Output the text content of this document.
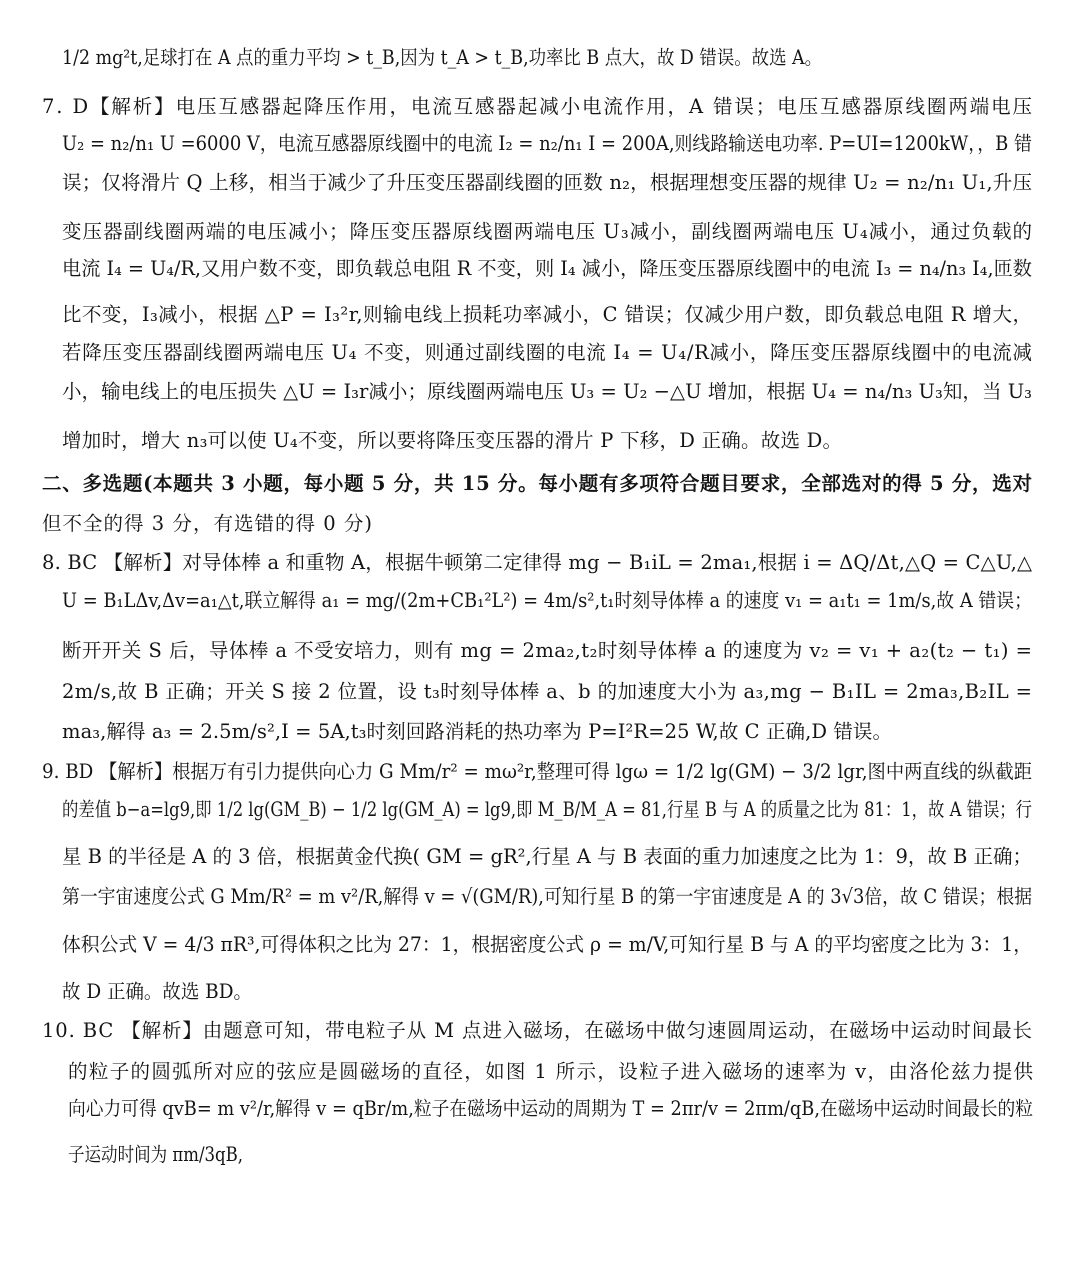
1/2 mg²t,足球打在 A 点的重力平均 > t_B,因为 t_A > t_B,功率比 B 点大，故 D 错误。故选 A。
7. D【解析】电压互感器起降压作用，电流互感器起减小电流作用，A 错误；电压互感器原线圈两端电压
U₂ = n₂/n₁ U =6000 V，电流互感器原线圈中的电流 I₂ = n₂/n₁ I = 200A,则线路输送电功率. P=UI=1200kW，，B 错
误；仅将滑片 Q 上移，相当于减少了升压变压器副线圈的匝数 n₂，根据理想变压器的规律 U₂ = n₂/n₁ U₁,升压
变压器副线圈两端的电压减小；降压变压器原线圈两端电压 U₃减小，副线圈两端电压 U₄减小，通过负载的
电流 I₄ = U₄/R,又用户数不变，即负载总电阻 R 不变，则 I₄ 减小，降压变压器原线圈中的电流 I₃ = n₄/n₃ I₄,匝数
比不变，I₃减小，根据 △P = I₃²r,则输电线上损耗功率减小，C 错误；仅减少用户数，即负载总电阻 R 增大，
若降压变压器副线圈两端电压 U₄ 不变，则通过副线圈的电流 I₄ = U₄/R减小，降压变压器原线圈中的电流减
小，输电线上的电压损失 △U = I₃r减小；原线圈两端电压 U₃ = U₂ −△U 增加，根据 U₄ = n₄/n₃ U₃知，当 U₃
增加时，增大 n₃可以使 U₄不变，所以要将降压变压器的滑片 P 下移，D 正确。故选 D。
二、多选题(本题共 3 小题，每小题 5 分，共 15 分。每小题有多项符合题目要求，全部选对的得 5 分，选对
但不全的得 3 分，有选错的得 0 分)
8. BC 【解析】对导体棒 a 和重物 A，根据牛顿第二定律得 mg − B₁iL = 2ma₁,根据 i = ΔQ/Δt,△Q = C△U,△
U = B₁LΔv,Δv=a₁△t,联立解得 a₁ = mg/(2m+CB₁²L²) = 4m/s²,t₁时刻导体棒 a 的速度 v₁ = a₁t₁ = 1m/s,故 A 错误；
断开开关 S 后，导体棒 a 不受安培力，则有 mg = 2ma₂,t₂时刻导体棒 a 的速度为 v₂ = v₁ + a₂(t₂ − t₁) =
2m/s,故 B 正确；开关 S 接 2 位置，设 t₃时刻导体棒 a、b 的加速度大小为 a₃,mg − B₁IL = 2ma₃,B₂IL =
ma₃,解得 a₃ = 2.5m/s²,I = 5A,t₃时刻回路消耗的热功率为 P=I²R=25 W,故 C 正确,D 错误。
9. BD 【解析】根据万有引力提供向心力 G Mm/r² = mω²r,整理可得 lgω = 1/2 lg(GM) − 3/2 lgr,图中两直线的纵截距
的差值 b−a=lg9,即 1/2 lg(GM_B) − 1/2 lg(GM_A) = lg9,即 M_B/M_A = 81,行星 B 与 A 的质量之比为 81：1，故 A 错误；行
星 B 的半径是 A 的 3 倍，根据黄金代换( GM = gR²,行星 A 与 B 表面的重力加速度之比为 1：9，故 B 正确；
第一宇宙速度公式 G Mm/R² = m v²/R,解得 v = √(GM/R),可知行星 B 的第一宇宙速度是 A 的 3√3倍，故 C 错误；根据
体积公式 V = 4/3 πR³,可得体积之比为 27：1，根据密度公式 ρ = m/V,可知行星 B 与 A 的平均密度之比为 3：1，
故 D 正确。故选 BD。
10. BC 【解析】由题意可知，带电粒子从 M 点进入磁场，在磁场中做匀速圆周运动，在磁场中运动时间最长
的粒子的圆弧所对应的弦应是圆磁场的直径，如图 1 所示，设粒子进入磁场的速率为 v，由洛伦兹力提供
向心力可得 qvB= m v²/r,解得 v = qBr/m,粒子在磁场中运动的周期为 T = 2πr/v = 2πm/qB,在磁场中运动时间最长的粒
子运动时间为 πm/3qB,
